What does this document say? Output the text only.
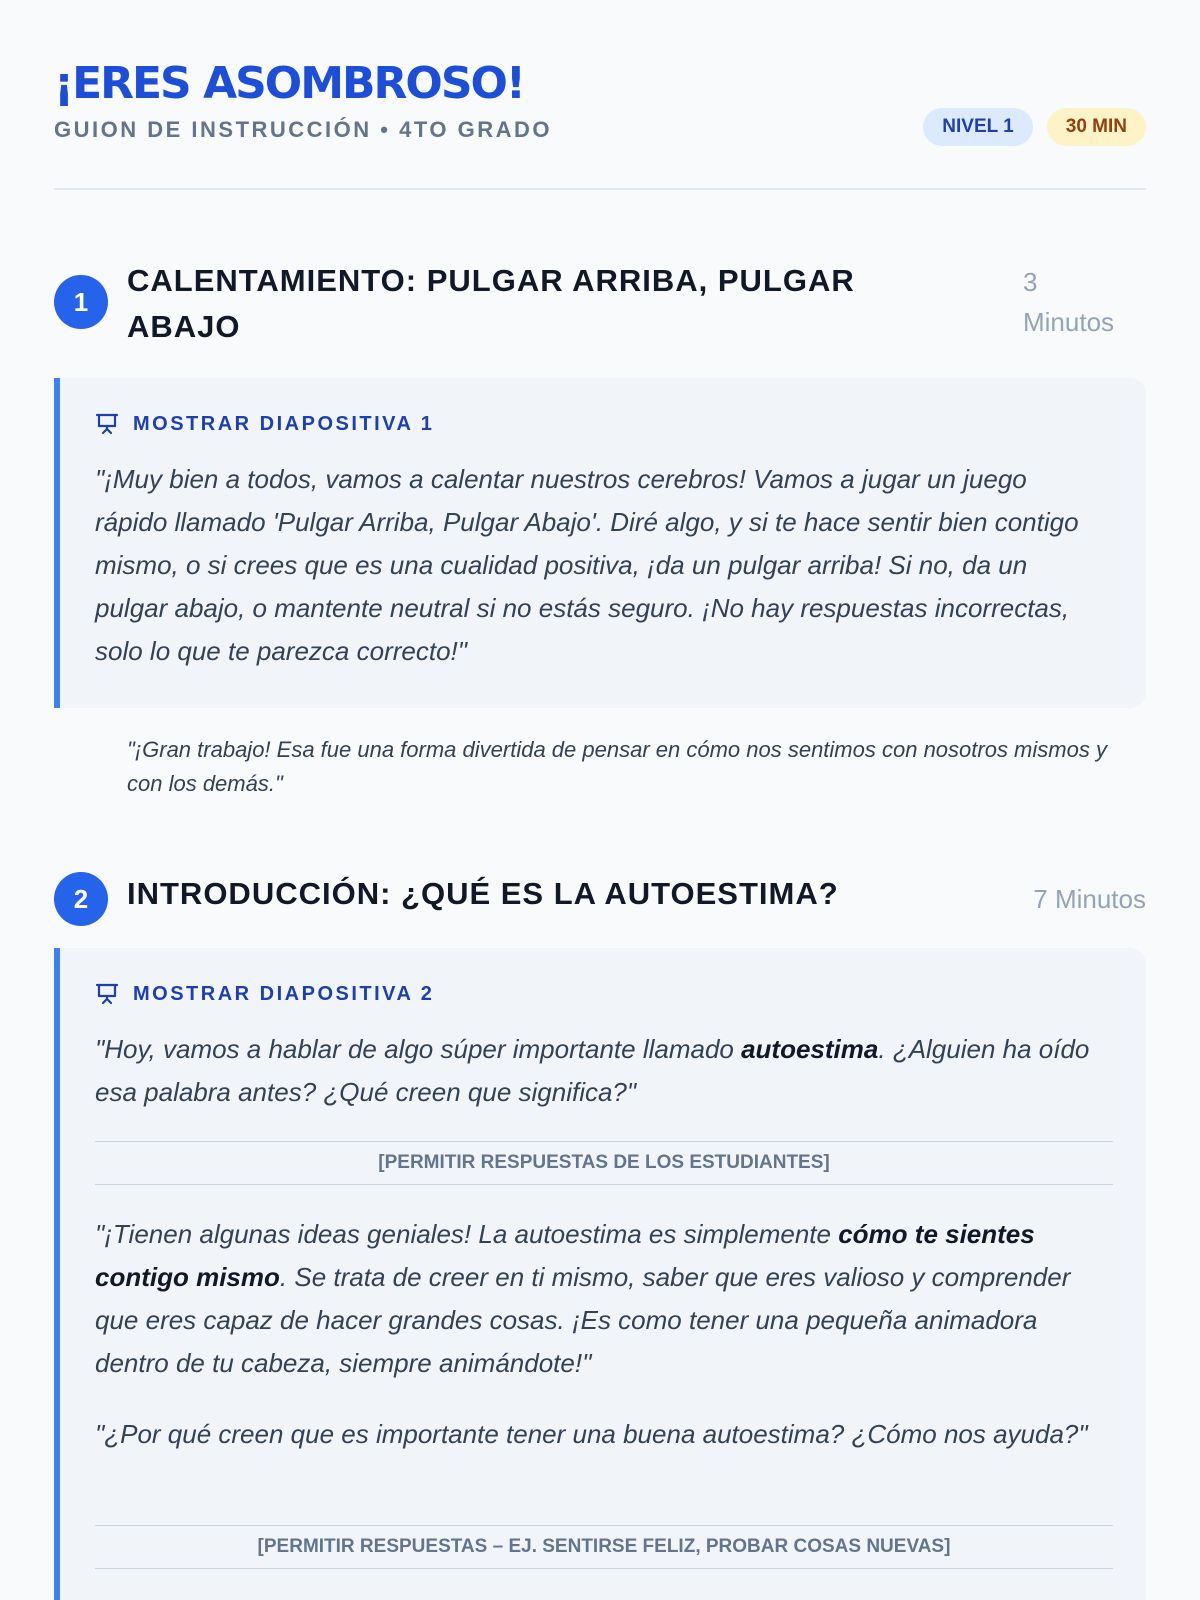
¡ERES ASOMBROSO!
GUION DE INSTRUCCIÓN • 4TO GRADO	NIVEL 1	30 MIN
1
CALENTAMIENTO: PULGAR ARRIBA, PULGAR ABAJO
3
Minutos
MOSTRAR DIAPOSITIVA 1
"¡Muy bien a todos, vamos a calentar nuestros cerebros! Vamos a jugar un juego rápido llamado 'Pulgar Arriba, Pulgar Abajo'. Diré algo, y si te hace sentir bien contigo mismo, o si crees que es una cualidad positiva, ¡da un pulgar arriba! Si no, da un pulgar abajo, o mantente neutral si no estás seguro. ¡No hay respuestas incorrectas, solo lo que te parezca correcto!"
"¡Gran trabajo! Esa fue una forma divertida de pensar en cómo nos sentimos con nosotros mismos y con los demás."
2	INTRODUCCIÓN: ¿QUÉ ES LA AUTOESTIMA?	7 Minutos
MOSTRAR DIAPOSITIVA 2
"Hoy, vamos a hablar de algo súper importante llamado autoestima. ¿Alguien ha oído esa palabra antes? ¿Qué creen que significa?"
[PERMITIR RESPUESTAS DE LOS ESTUDIANTES]
"¡Tienen algunas ideas geniales! La autoestima es simplemente cómo te sientes contigo mismo. Se trata de creer en ti mismo, saber que eres valioso y comprender que eres capaz de hacer grandes cosas. ¡Es como tener una pequeña animadora dentro de tu cabeza, siempre animándote!"
"¿Por qué creen que es importante tener una buena autoestima? ¿Cómo nos ayuda?"
[PERMITIR RESPUESTAS – EJ. SENTIRSE FELIZ, PROBAR COSAS NUEVAS]
